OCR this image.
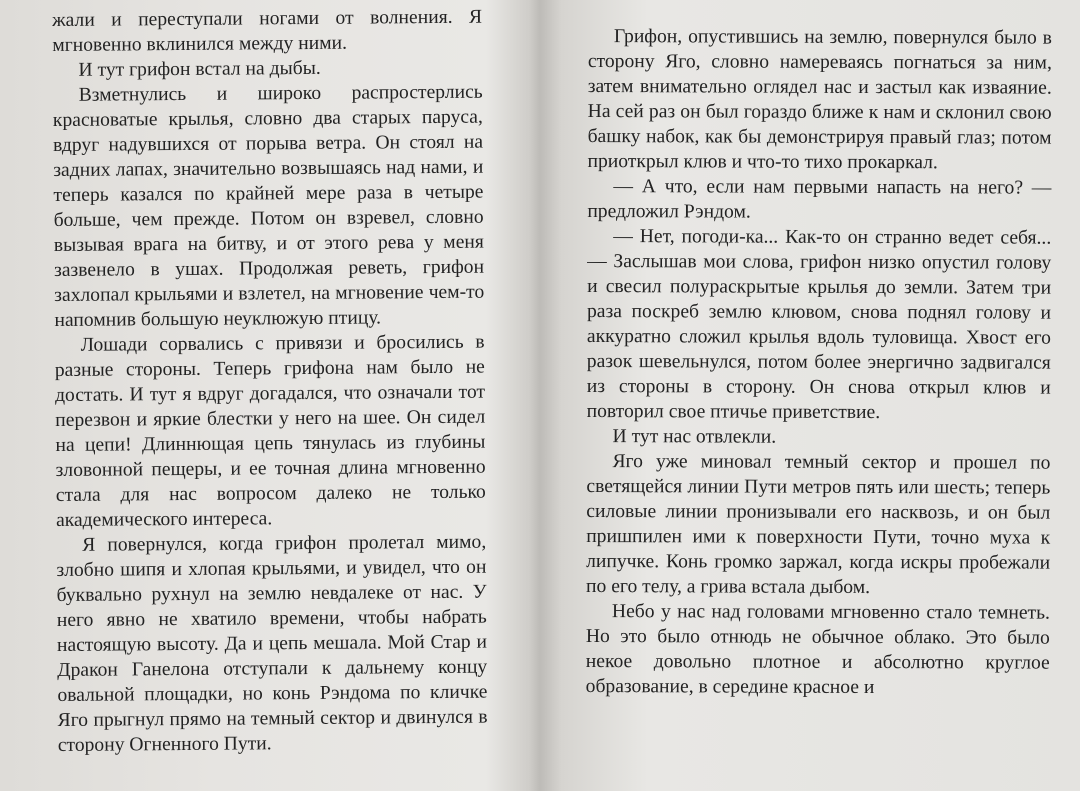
жали и переступали ногами от волнения. Я мгновенно вклинился между ними.

И тут грифон встал на дыбы.

Взметнулись и широко распростерлись красноватые крылья, словно два старых паруса, вдруг надувшихся от порыва ветра. Он стоял на задних лапах, значительно возвышаясь над нами, и теперь казался по крайней мере раза в четыре больше, чем прежде. Потом он взревел, словно вызывая врага на битву, и от этого рева у меня зазвенело в ушах. Продолжая реветь, грифон захлопал крыльями и взлетел, на мгновение чем-то напомнив большую неуклюжую птицу.

Лошади сорвались с привязи и бросились в разные стороны. Теперь грифона нам было не достать. И тут я вдруг догадался, что означали тот перезвон и яркие блестки у него на шее. Он сидел на цепи! Длиннющая цепь тянулась из глубины зловонной пещеры, и ее точная длина мгновенно стала для нас вопросом далеко не только академического интереса.

Я повернулся, когда грифон пролетал мимо, злобно шипя и хлопая крыльями, и увидел, что он буквально рухнул на землю невдалеке от нас. У него явно не хватило времени, чтобы набрать настоящую высоту. Да и цепь мешала. Мой Стар и Дракон Ганелона отступали к дальнему концу овальной площадки, но конь Рэндома по кличке Яго прыгнул прямо на темный сектор и двинулся в сторону Огненного Пути.

Грифон, опустившись на землю, повернулся было в сторону Яго, словно намереваясь погнаться за ним, затем внимательно оглядел нас и застыл как изваяние. На сей раз он был гораздо ближе к нам и склонил свою башку набок, как бы демонстрируя правый глаз; потом приоткрыл клюв и что-то тихо прокаркал.

— А что, если нам первыми напасть на него? — предложил Рэндом.

— Нет, погоди-ка... Как-то он странно ведет себя... — Заслышав мои слова, грифон низко опустил голову и свесил полураскрытые крылья до земли. Затем три раза поскреб землю клювом, снова поднял голову и аккуратно сложил крылья вдоль туловища. Хвост его разок шевельнулся, потом более энергично задвигался из стороны в сторону. Он снова открыл клюв и повторил свое птичье приветствие.

И тут нас отвлекли.

Яго уже миновал темный сектор и прошел по светящейся линии Пути метров пять или шесть; теперь силовые линии пронизывали его насквозь, и он был пришпилен ими к поверхности Пути, точно муха к липучке. Конь громко заржал, когда искры пробежали по его телу, а грива встала дыбом.

Небо у нас над головами мгновенно стало темнеть. Но это было отнюдь не обычное облако. Это было некое довольно плотное и абсолютно круглое образование, в середине красное и
